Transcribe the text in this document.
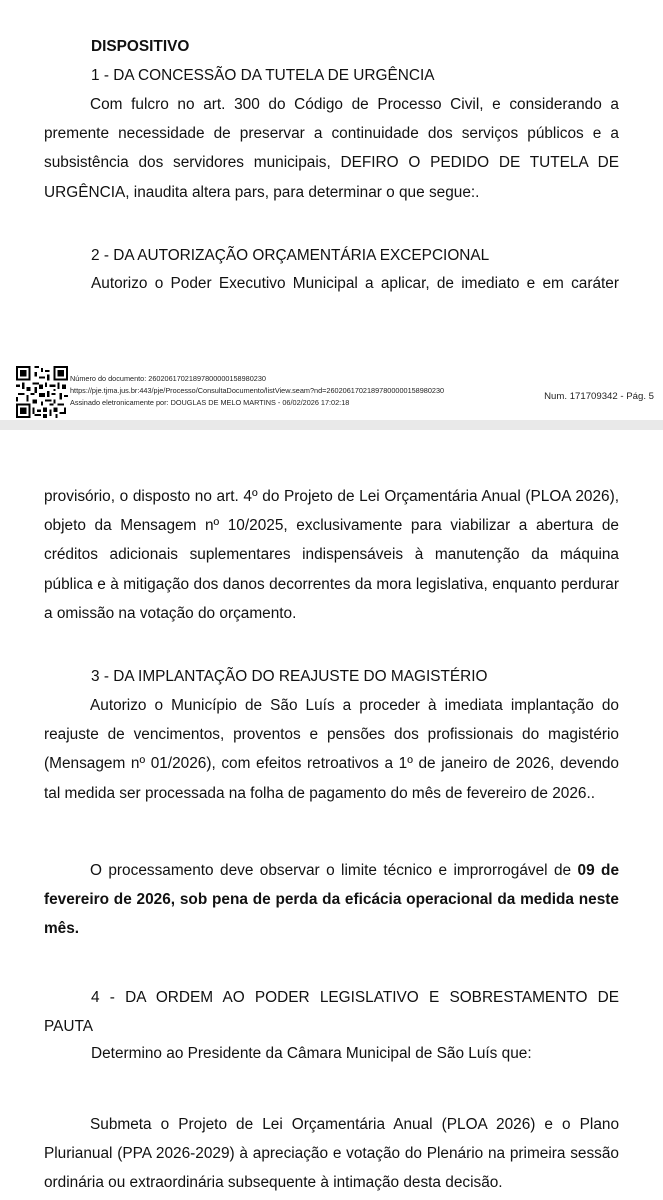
DISPOSITIVO

1 - DA CONCESSÃO DA TUTELA DE URGÊNCIA

Com fulcro no art. 300 do Código de Processo Civil, e considerando a premente necessidade de preservar a continuidade dos serviços públicos e a subsistência dos servidores municipais, DEFIRO O PEDIDO DE TUTELA DE URGÊNCIA, inaudita altera pars, para determinar o que segue:.

2 - DA AUTORIZAÇÃO ORÇAMENTÁRIA EXCEPCIONAL

Autorizo o Poder Executivo Municipal a aplicar, de imediato e em caráter

Número do documento: 26020617021897800000158980230
https://pje.tjma.jus.br:443/pje/Processo/ConsultaDocumento/listView.seam?nd=26020617021897800000158980230
Assinado eletronicamente por: DOUGLAS DE MELO MARTINS - 06/02/2026 17:02:18
Num. 171709342 - Pág. 5

provisório, o disposto no art. 4º do Projeto de Lei Orçamentária Anual (PLOA 2026), objeto da Mensagem nº 10/2025, exclusivamente para viabilizar a abertura de créditos adicionais suplementares indispensáveis à manutenção da máquina pública e à mitigação dos danos decorrentes da mora legislativa, enquanto perdurar a omissão na votação do orçamento.

3 - DA IMPLANTAÇÃO DO REAJUSTE DO MAGISTÉRIO

Autorizo o Município de São Luís a proceder à imediata implantação do reajuste de vencimentos, proventos e pensões dos profissionais do magistério (Mensagem nº 01/2026), com efeitos retroativos a 1º de janeiro de 2026, devendo tal medida ser processada na folha de pagamento do mês de fevereiro de 2026..

O processamento deve observar o limite técnico e improrrogável de 09 de fevereiro de 2026, sob pena de perda da eficácia operacional da medida neste mês.

4 - DA ORDEM AO PODER LEGISLATIVO E SOBRESTAMENTO DE

PAUTA

Determino ao Presidente da Câmara Municipal de São Luís que:

Submeta o Projeto de Lei Orçamentária Anual (PLOA 2026) e o Plano Plurianual (PPA 2026-2029) à apreciação e votação do Plenário na primeira sessão ordinária ou extraordinária subsequente à intimação desta decisão.
